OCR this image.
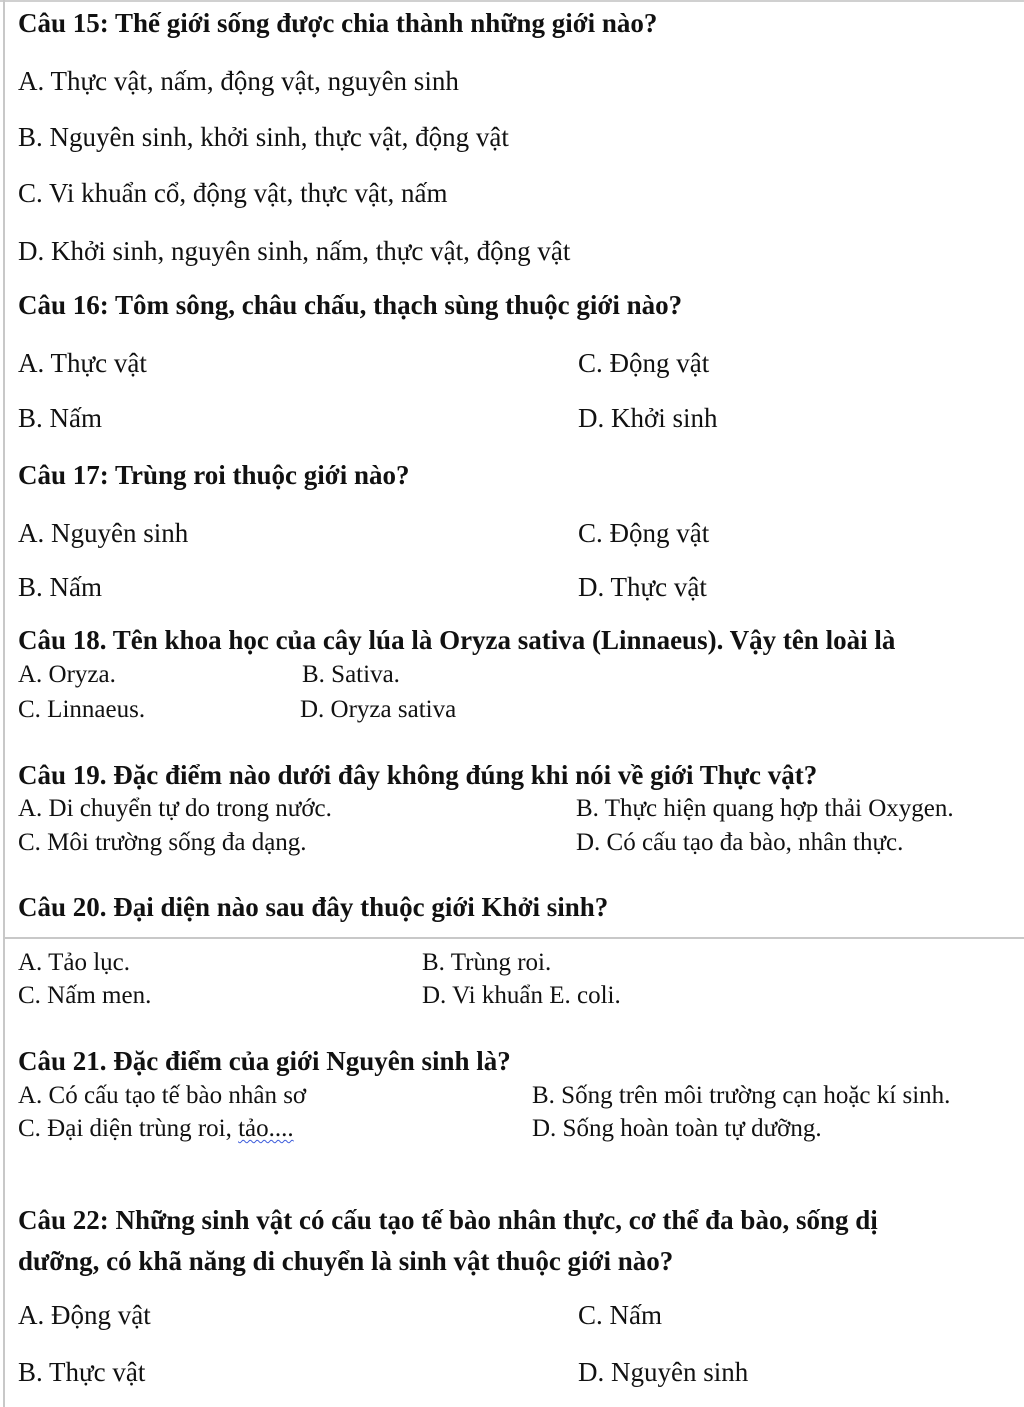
Câu 15: Thế giới sống được chia thành những giới nào?
A. Thực vật, nấm, động vật, nguyên sinh
B. Nguyên sinh, khởi sinh, thực vật, động vật
C. Vi khuẩn cổ, động vật, thực vật, nấm
D. Khởi sinh, nguyên sinh, nấm, thực vật, động vật
Câu 16: Tôm sông, châu chấu, thạch sùng thuộc giới nào?
A. Thực vật	C. Động vật
B. Nấm	D. Khởi sinh
Câu 17: Trùng roi thuộc giới nào?
A. Nguyên sinh	C. Động vật
B. Nấm	D. Thực vật
Câu 18. Tên khoa học của cây lúa là Oryza sativa (Linnaeus). Vậy tên loài là
A. Oryza.	B. Sativa.
C. Linnaeus.	D. Oryza sativa
Câu 19. Đặc điểm nào dưới đây không đúng khi nói về giới Thực vật?
A. Di chuyển tự do trong nước.	B. Thực hiện quang hợp thải Oxygen.
C. Môi trường sống đa dạng.	D. Có cấu tạo đa bào, nhân thực.
Câu 20. Đại diện nào sau đây thuộc giới Khởi sinh?
A. Tảo lục.	B. Trùng roi.
C. Nấm men.	D. Vi khuẩn E. coli.
Câu 21. Đặc điểm của giới Nguyên sinh là?
A. Có cấu tạo tế bào nhân sơ	B. Sống trên môi trường cạn hoặc kí sinh.
C. Đại diện trùng roi, tảo....	D. Sống hoàn toàn tự dưỡng.
Câu 22: Những sinh vật có cấu tạo tế bào nhân thực, cơ thể đa bào, sống dị
dưỡng, có khã năng di chuyển là sinh vật thuộc giới nào?
A. Động vật	C. Nấm
B. Thực vật	D. Nguyên sinh
